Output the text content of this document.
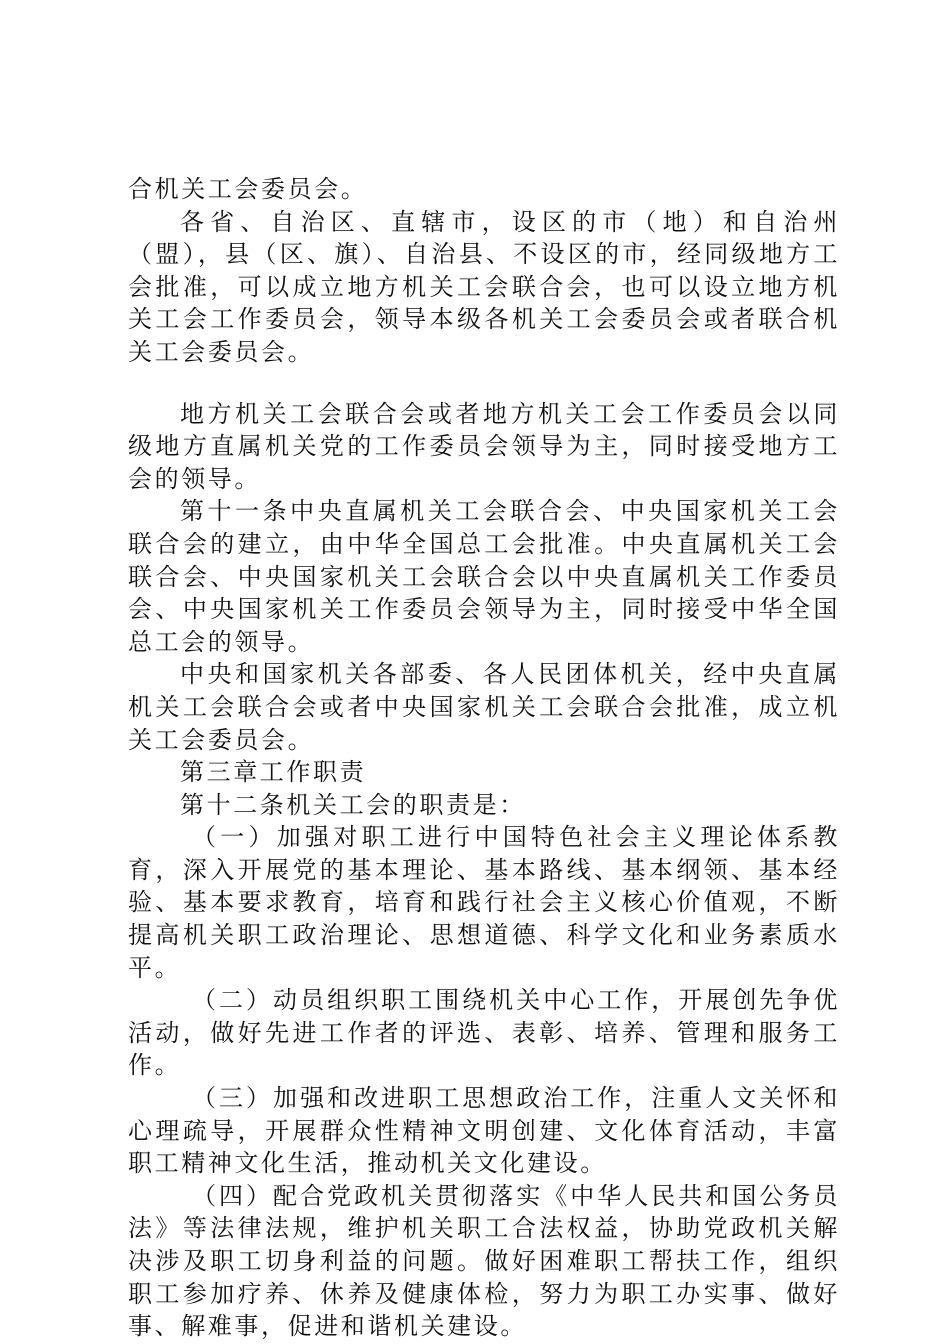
合机关工会委员会。

各省、自治区、直辖市，设区的市（地）和自治州（盟），县（区、旗）、自治县、不设区的市，经同级地方工会批准，可以成立地方机关工会联合会，也可以设立地方机关工会工作委员会，领导本级各机关工会委员会或者联合机关工会委员会。

地方机关工会联合会或者地方机关工会工作委员会以同级地方直属机关党的工作委员会领导为主，同时接受地方工会的领导。

第十一条中央直属机关工会联合会、中央国家机关工会联合会的建立，由中华全国总工会批准。中央直属机关工会联合会、中央国家机关工会联合会以中央直属机关工作委员会、中央国家机关工作委员会领导为主，同时接受中华全国总工会的领导。

中央和国家机关各部委、各人民团体机关，经中央直属机关工会联合会或者中央国家机关工会联合会批准，成立机关工会委员会。

第三章工作职责

第十二条机关工会的职责是：

（一）加强对职工进行中国特色社会主义理论体系教育，深入开展党的基本理论、基本路线、基本纲领、基本经验、基本要求教育，培育和践行社会主义核心价值观，不断提高机关职工政治理论、思想道德、科学文化和业务素质水平。

（二）动员组织职工围绕机关中心工作，开展创先争优活动，做好先进工作者的评选、表彰、培养、管理和服务工作。

（三）加强和改进职工思想政治工作，注重人文关怀和心理疏导，开展群众性精神文明创建、文化体育活动，丰富职工精神文化生活，推动机关文化建设。

（四）配合党政机关贯彻落实《中华人民共和国公务员法》等法律法规，维护机关职工合法权益，协助党政机关解决涉及职工切身利益的问题。做好困难职工帮扶工作，组织职工参加疗养、休养及健康体检，努力为职工办实事、做好事、解难事，促进和谐机关建设。
